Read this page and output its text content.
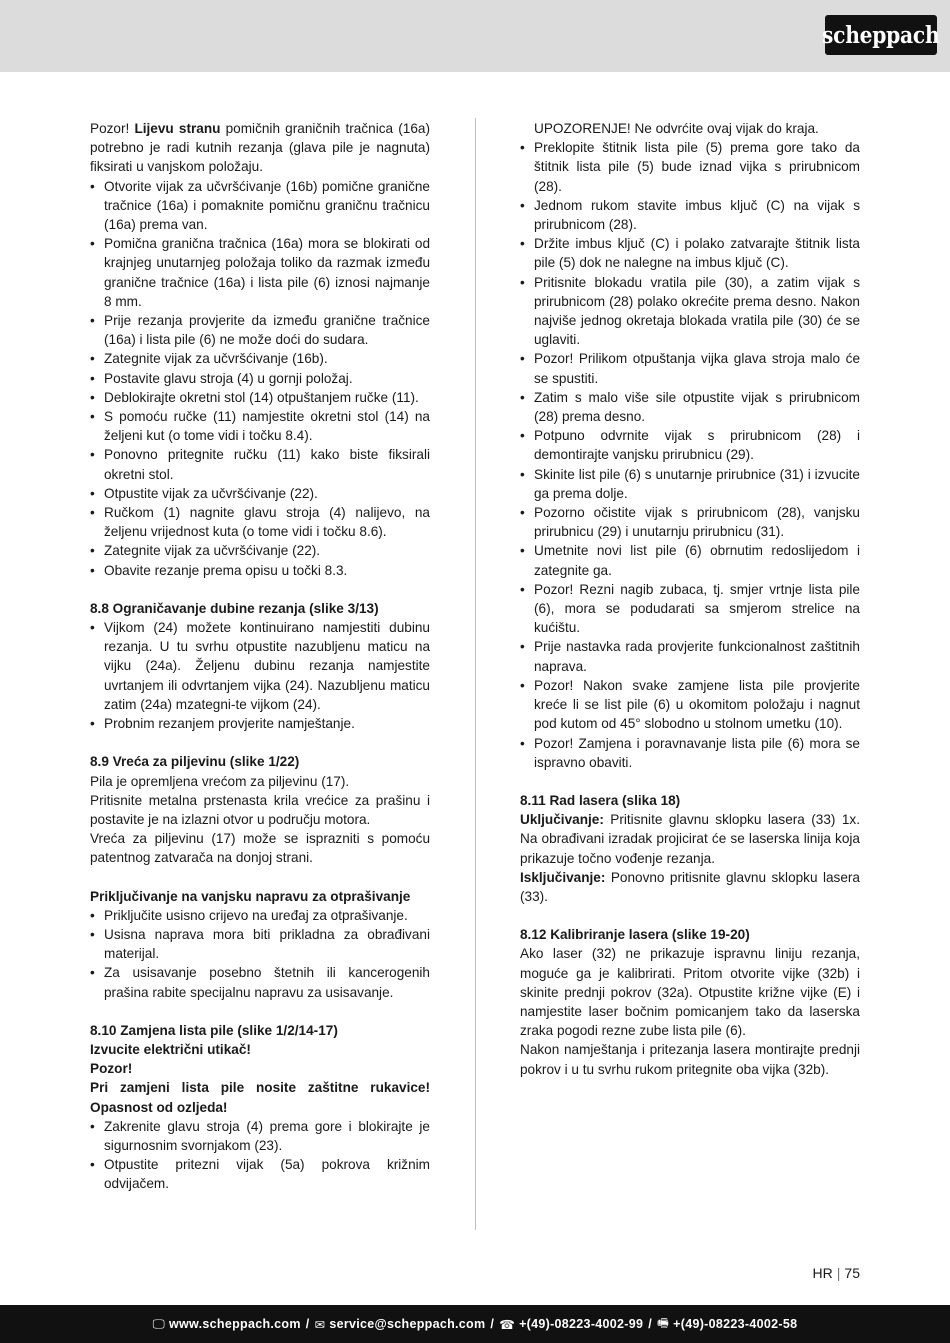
scheppach

Pozor! Lijevu stranu pomičnih graničnih tračnica (16a) potrebno je radi kutnih rezanja (glava pile je nagnuta) fiksirati u vanjskom položaju.

• Otvorite vijak za učvršćivanje (16b) pomične granične tračnice (16a) i pomaknite pomičnu graničnu tračnicu (16a) prema van.
• Pomična granična tračnica (16a) mora se blokirati od krajnjeg unutarnjeg položaja toliko da razmak između granične tračnice (16a) i lista pile (6) iznosi najmanje 8 mm.
• Prije rezanja provjerite da između granične tračnice (16a) i lista pile (6) ne može doći do sudara.
• Zategnite vijak za učvršćivanje (16b).
• Postavite glavu stroja (4) u gornji položaj.
• Deblokirajte okretni stol (14) otpuštanjem ručke (11).
• S pomoću ručke (11) namjestite okretni stol (14) na željeni kut (o tome vidi i točku 8.4).
• Ponovno pritegnite ručku (11) kako biste fiksirali okretni stol.
• Otpustite vijak za učvršćivanje (22).
• Ručkom (1) nagnite glavu stroja (4) nalijevo, na željenu vrijednost kuta (o tome vidi i točku 8.6).
• Zategnite vijak za učvršćivanje (22).
• Obavite rezanje prema opisu u točki 8.3.
8.8 Ograničavanje dubine rezanja (slike 3/13)
• Vijkom (24) možete kontinuirano namjestiti dubinu rezanja. U tu svrhu otpustite nazubljenu maticu na vijku (24a). Željenu dubinu rezanja namjestite uvrtanjem ili odvrtanjem vijka (24). Nazubljenu maticu zatim (24a) mzategni-te vijkom (24).
• Probnim rezanjem provjerite namještanje.
8.9 Vreća za piljevinu (slike 1/22)

Pila je opremljena vrećom za piljevinu (17).

Pritisnite metalna prstenasta krila vrećice za prašinu i postavite je na izlazni otvor u području motora.

Vreća za piljevinu (17) može se isprazniti s pomoću patentnog zatvarača na donjoj strani.

Priključivanje na vanjsku napravu za otprašivanje
• Priključite usisno crijevo na uređaj za otprašivanje.
• Usisna naprava mora biti prikladna za obrađivani materijal.
• Za usisavanje posebno štetnih ili kancerogenih prašina rabite specijalnu napravu za usisavanje.
8.10 Zamjena lista pile (slike 1/2/14-17)
Izvucite električni utikač!
Pozor!
Pri zamjeni lista pile nosite zaštitne rukavice! Opasnost od ozljeda!
• Zakrenite glavu stroja (4) prema gore i blokirajte je sigurnosnim svornjakom (23).
• Otpustite pritezni vijak (5a) pokrova križnim odvijačem.

UPOZORENJE! Ne odvrćite ovaj vijak do kraja.

• Preklopite štitnik lista pile (5) prema gore tako da štitnik lista pile (5) bude iznad vijka s prirubnicom (28).
• Jednom rukom stavite imbus ključ (C) na vijak s prirubnicom (28).
• Držite imbus ključ (C) i polako zatvarajte štitnik lista pile (5) dok ne nalegne na imbus ključ (C).
• Pritisnite blokadu vratila pile (30), a zatim vijak s prirubnicom (28) polako okrećite prema desno. Nakon najviše jednog okretaja blokada vratila pile (30) će se uglaviti.
• Pozor! Prilikom otpuštanja vijka glava stroja malo će se spustiti.
• Zatim s malo više sile otpustite vijak s prirubnicom (28) prema desno.
• Potpuno odvrnite vijak s prirubnicom (28) i demontirajte vanjsku prirubnicu (29).
• Skinite list pile (6) s unutarnje prirubnice (31) i izvucite ga prema dolje.
• Pozorno očistite vijak s prirubnicom (28), vanjsku prirubnicu (29) i unutarnju prirubnicu (31).
• Umetnite novi list pile (6) obrnutim redoslijedom i zategnite ga.
• Pozor! Rezni nagib zubaca, tj. smjer vrtnje lista pile (6), mora se podudarati sa smjerom strelice na kućištu.
• Prije nastavka rada provjerite funkcionalnost zaštitnih naprava.
• Pozor! Nakon svake zamjene lista pile provjerite kreće li se list pile (6) u okomitom položaju i nagnut pod kutom od 45° slobodno u stolnom umetku (10).
• Pozor! Zamjena i poravnavanje lista pile (6) mora se ispravno obaviti.
8.11 Rad lasera (slika 18)

Uključivanje: Pritisnite glavnu sklopku lasera (33) 1x. Na obrađivani izradak projicirat će se laserska linija koja prikazuje točno vođenje rezanja.

Isključivanje: Ponovno pritisnite glavnu sklopku lasera (33).

8.12 Kalibriranje lasera (slike 19-20)

Ako laser (32) ne prikazuje ispravnu liniju rezanja, moguće ga je kalibrirati. Pritom otvorite vijke (32b) i skinite prednji pokrov (32a). Otpustite križne vijke (E) i namjestite laser bočnim pomicanjem tako da laserska zraka pogodi rezne zube lista pile (6).

Nakon namještanja i pritezanja lasera montirajte prednji pokrov i u tu svrhu rukom pritegnite oba vijka (32b).

HR | 75
🖵 www.scheppach.com / ✉ service@scheppach.com / ☎ +(49)-08223-4002-99 / 🖷 +(49)-08223-4002-58
